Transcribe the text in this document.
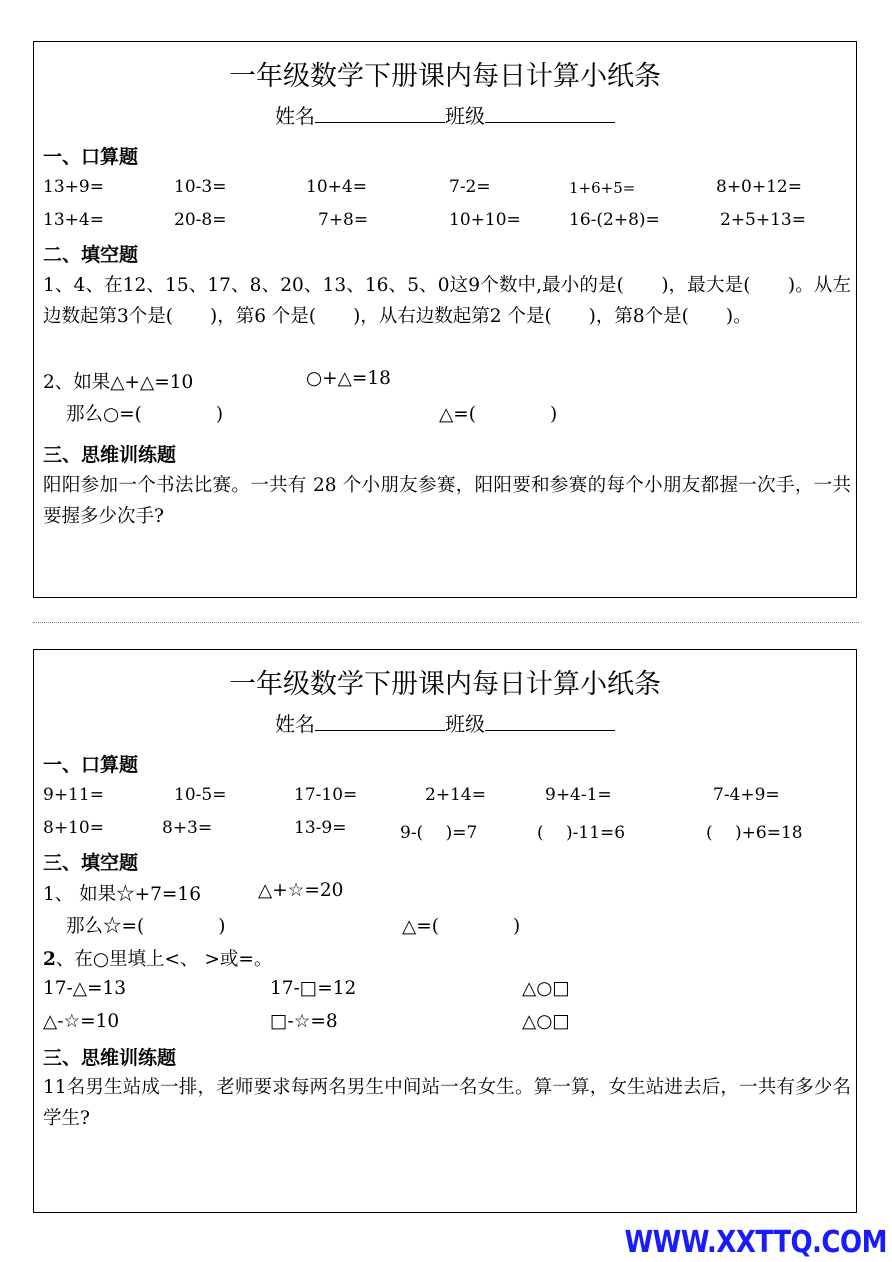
一年级数学下册课内每日计算小纸条
姓名	班级
一、口算题
13+9=	10-3=	10+4=	7-2=	1+6+5=	8+0+12=
13+4=	20-8=	7+8=	10+10=	16-(2+8)=	2+5+13=
二、填空题
1、4、在12、15、17、8、20、13、16、5、0这9个数中,最小的是(　　)，最大是(　　)。从左边数起第3个是(　　)，第6 个是(　　)，从右边数起第2 个是(　　)，第8个是(　　)。
2、如果△+△=10	○+△=18
那么○=(　　　　)	△=(　　　　)
三、思维训练题
阳阳参加一个书法比赛。一共有 28 个小朋友参赛，阳阳要和参赛的每个小朋友都握一次手，一共要握多少次手?
一年级数学下册课内每日计算小纸条
姓名	班级
一、口算题
9+11=	10-5=	17-10=	2+14=	9+4-1=	7-4+9=
8+10=	8+3=	13-9=	9-(　 )=7	(　 )-11=6	(　 )+6=18
三、填空题
1、 如果☆+7=16	△+☆=20
那么☆=(　　　　)	△=(　　　　)
2、在○里填上<、 >或=。
17-△=13	17-□=12	△○□
△-☆=10	□-☆=8	△○□
三、思维训练题
11名男生站成一排，老师要求每两名男生中间站一名女生。算一算，女生站进去后，一共有多少名学生?
WWW.XXTTQ.COM
